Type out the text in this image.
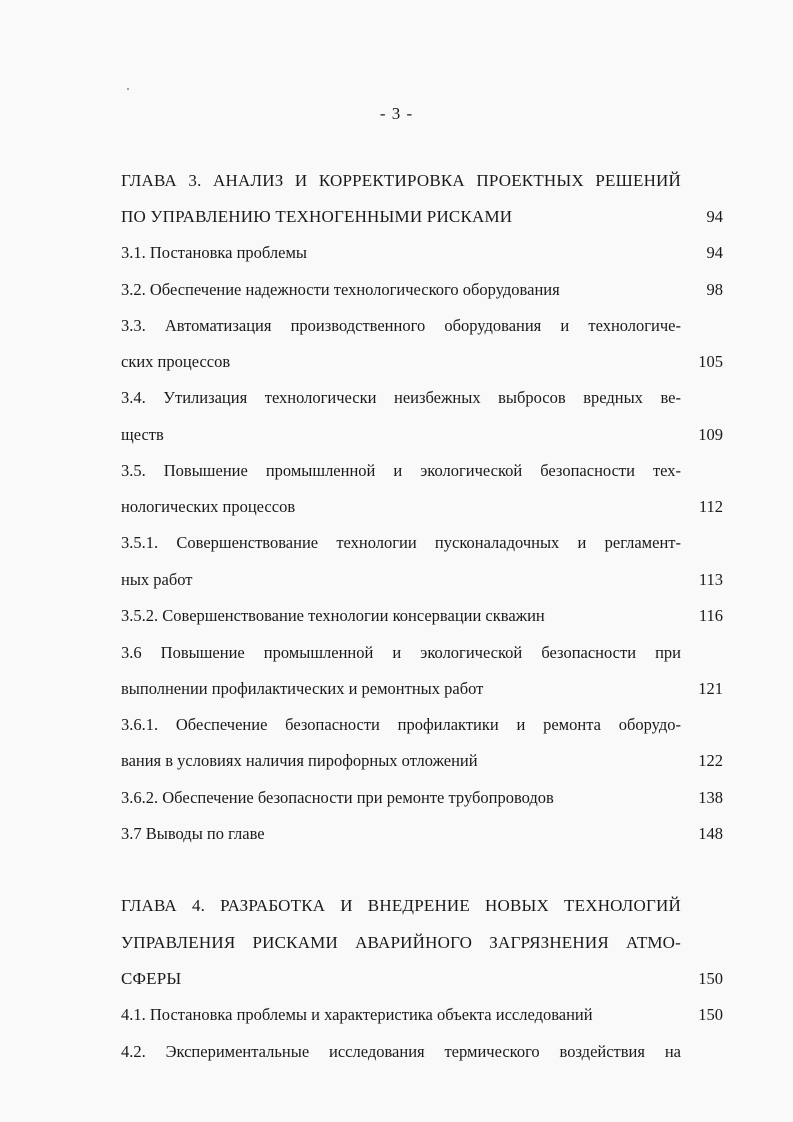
- 3 -
ГЛАВА 3. АНАЛИЗ И КОРРЕКТИРОВКА ПРОЕКТНЫХ РЕШЕНИЙ
ПО УПРАВЛЕНИЮ ТЕХНОГЕННЫМИ РИСКАМИ	94
3.1. Постановка проблемы	94
3.2. Обеспечение надежности технологического оборудования	98
3.3. Автоматизация производственного оборудования и технологиче-
ских процессов	105
3.4. Утилизация технологически неизбежных выбросов вредных ве-
ществ	109
3.5. Повышение промышленной и экологической безопасности тех-
нологических процессов	112
3.5.1. Совершенствование технологии пусконаладочных и регламент-
ных работ	113
3.5.2. Совершенствование технологии консервации скважин	116
3.6 Повышение промышленной и экологической безопасности при
выполнении профилактических и ремонтных работ	121
3.6.1. Обеспечение безопасности профилактики и ремонта оборудо-
вания в условиях наличия пирофорных отложений	122
3.6.2. Обеспечение безопасности при ремонте трубопроводов	138
3.7 Выводы по главе	148
ГЛАВА 4. РАЗРАБОТКА И ВНЕДРЕНИЕ НОВЫХ ТЕХНОЛОГИЙ
УПРАВЛЕНИЯ РИСКАМИ АВАРИЙНОГО ЗАГРЯЗНЕНИЯ АТМО-
СФЕРЫ	150
4.1. Постановка проблемы и характеристика объекта исследований	150
4.2. Экспериментальные исследования термического воздействия на
